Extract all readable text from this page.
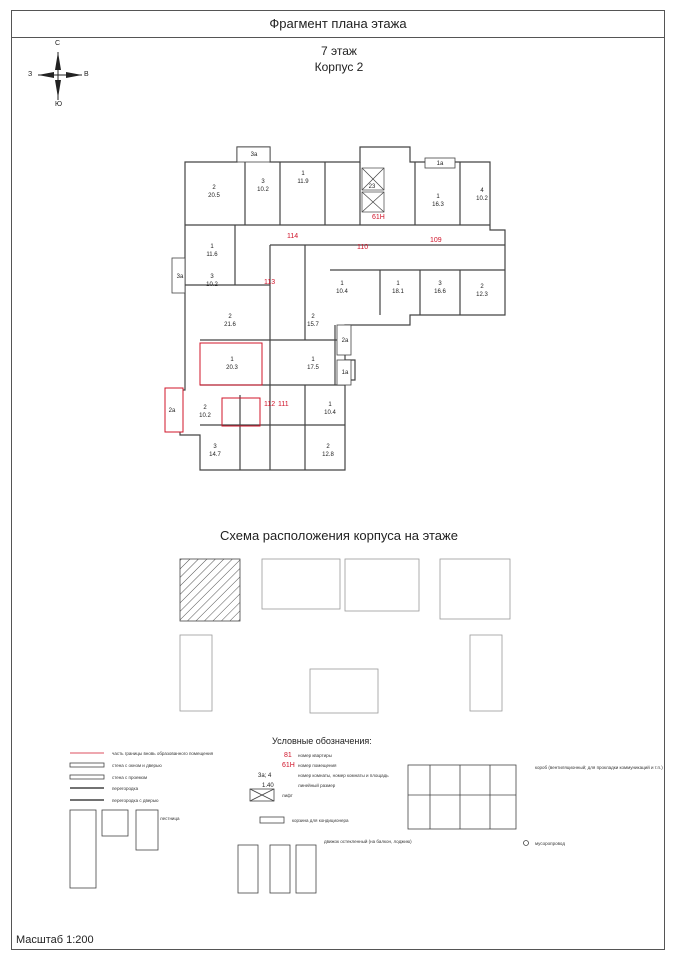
Фрагмент плана этажа
7 этаж
Корпус 2
С
Ю
З	В
114
110
109
113
112 111
61Н
2
20.5
3
10.2
1
11.9
23
1
16.3
4
10.2
1
11.6
3
10.2	1
10.4
1
18.1
3
16.6
2
12.3
2
21.6
2
15.7
1
20.3
1
17.5
2
10.2
1
10.4
3
14.7
2
12.8
3а
2а
2а
1а
3а
1а
Схема расположения корпуса на этаже
Условные обозначения:
часть границы вновь образованного помещения
стена с окном и дверью
стена с проемом
перегородка
перегородка с дверью
лестница
81 номер квартиры
61Н номер помещения
3а; 4	номер комнаты, номер комнаты и площадь
1.40	линейный размер
лифт
корзина для кондиционера
движок остекленный (на балкон, лоджию)
короб (вентиляционный; для прокладки коммуникаций и т.п.)
мусоропровод
Масштаб 1:200
